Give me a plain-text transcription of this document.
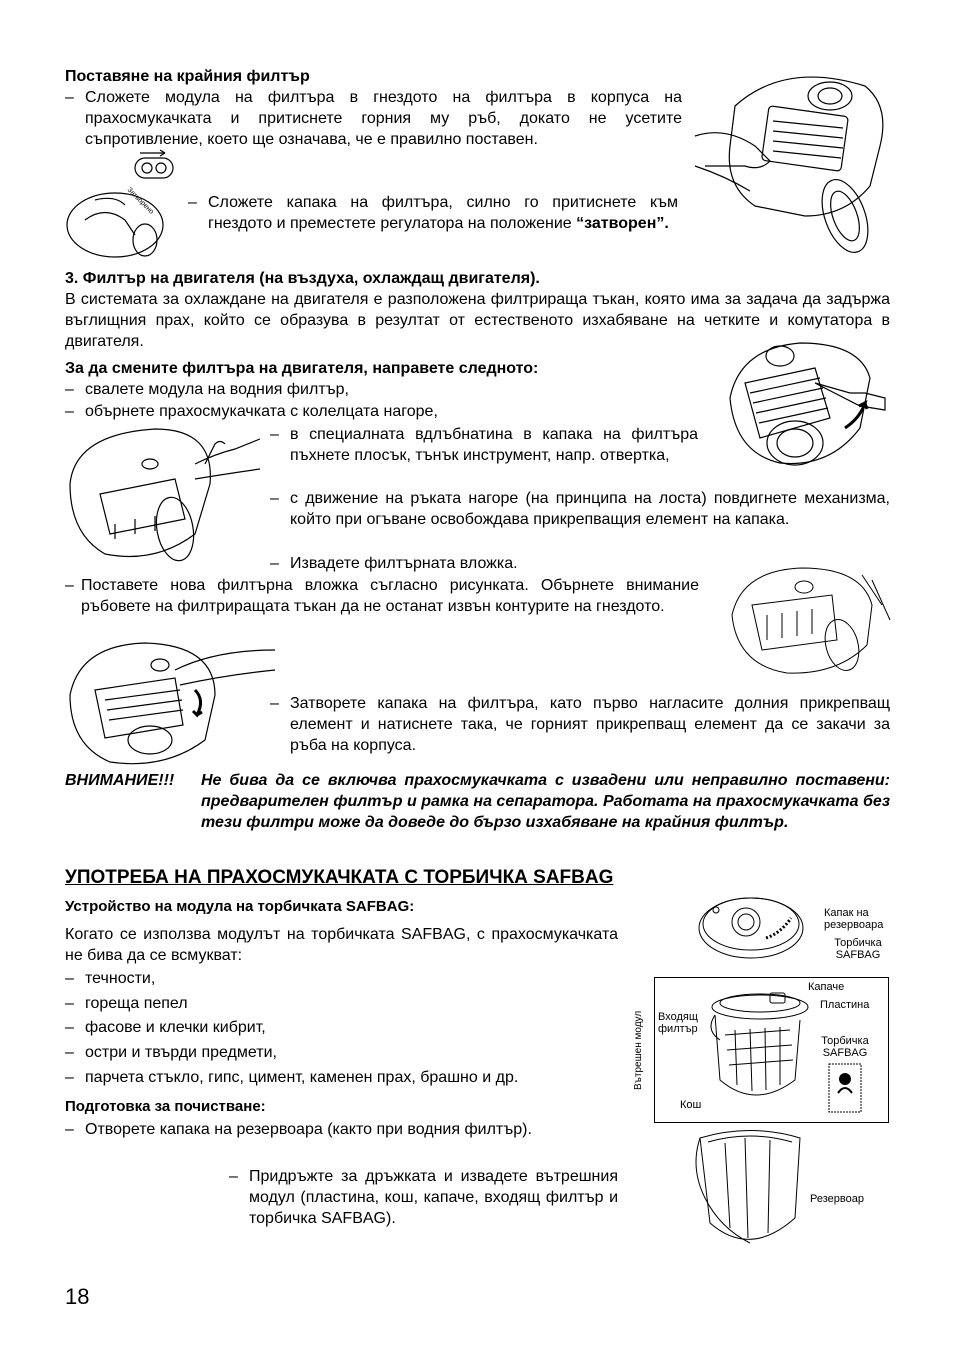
Поставяне на крайния филтър
– Сложете модула на филтъра в гнездото на филтъра в корпуса на прахосмукачката и притиснете горния му ръб, докато не усетите съпротивление, което ще означава, че е правилно поставен.
– Сложете капака на филтъра, силно го притиснете към гнездото и преместете регулатора на положение “затворен”.
Затворено
3. Филтър на двигателя (на въздуха, охлаждащ двигателя).
В системата за охлаждане на двигателя е разположена филтрираща тъкан, която има за задача да задържа въглищния прах, който се образува в резултат от естественото изхабяване на четките и комутатора в двигателя.
За да смените филтъра на двигателя, направете следното:
– свалете модула на водния филтър,
– обърнете прахосмукачката с колелцата нагоре,
– в специалната вдлъбнатина в капака на филтъра пъхнете плосък, тънък инструмент, напр. отвертка,
– с движение на ръката нагоре (на принципа на лоста) повдигнете механизма, който при огъване освобождава прикрепващия елемент на капака.
– Извадете филтърната вложка.
– Поставете нова филтърна вложка съгласно рисунката. Обърнете внимание ръбовете на филтриращата тъкан да не останат извън контурите на гнездото.
– Затворете капака на филтъра, като първо нагласите долния прикрепващ елемент и натиснете така, че горният прикрепващ елемент да се закачи за ръба на корпуса.
ВНИМАНИЕ!!! Не бива да се включва прахосмукачката с извадени или неправилно поставени: предварителен филтър и рамка на сепаратора. Работата на прахосмукачката без тези филтри може да доведе до бързо изхабяване на крайния филтър.
УПОТРЕБА НА ПРАХОСМУКАЧКАТА С ТОРБИЧКА SAFBAG
Устройство на модула на торбичката SAFBAG:
Когато се използва модулът на торбичката SAFBAG, с прахосмукачката не бива да се всмукват:
– течности,
– гореща пепел
– фасове и клечки кибрит,
– остри и твърди предмети,
– парчета стъкло, гипс, цимент, каменен прах, брашно и др.
Подготовка за почистване:
– Отворете капака на резервоара (както при водния филтър).
– Придръжте за дръжката и извадете вътрешния модул (пластина, кош, капаче, входящ филтър и торбичка SAFBAG).
Капак на резервоара
Торбичка SAFBAG
Вътрешен модул
Капаче
Пластина
Входящ филтър
Торбичка SAFBAG
Кош
Резервоар
18
